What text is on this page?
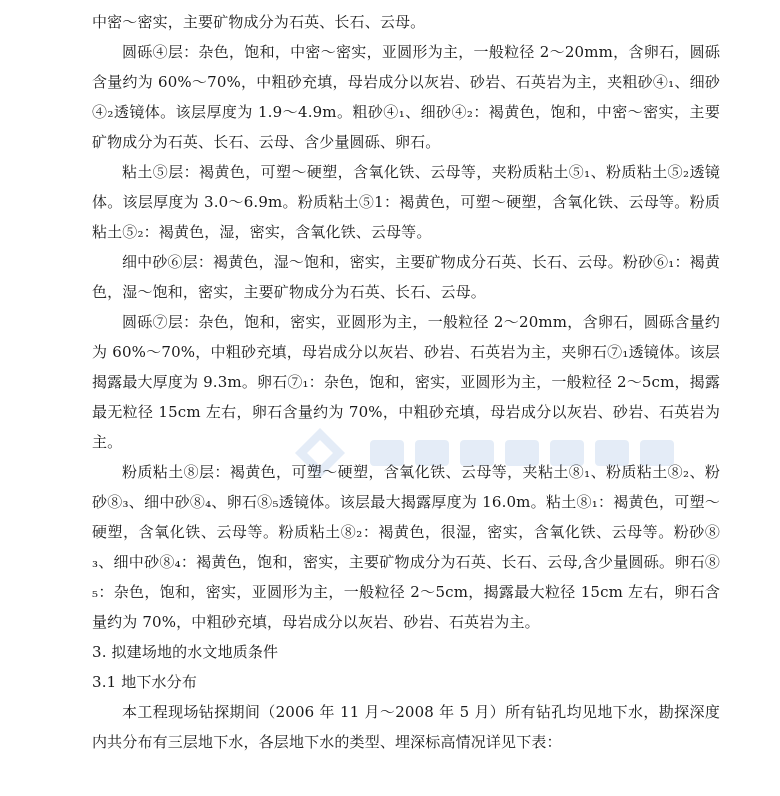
中密～密实，主要矿物成分为石英、长石、云母。

圆砾④层：杂色，饱和，中密～密实，亚圆形为主，一般粒径 2～20mm，含卵石，圆砾含量约为 60%～70%，中粗砂充填，母岩成分以灰岩、砂岩、石英岩为主，夹粗砂④₁、细砂④₂透镜体。该层厚度为 1.9～4.9m。粗砂④₁、细砂④₂：褐黄色，饱和，中密～密实，主要矿物成分为石英、长石、云母、含少量圆砾、卵石。

粘土⑤层：褐黄色，可塑～硬塑，含氧化铁、云母等，夹粉质粘土⑤₁、粉质粘土⑤₂透镜体。该层厚度为 3.0～6.9m。粉质粘土⑤1：褐黄色，可塑～硬塑，含氧化铁、云母等。粉质粘土⑤₂：褐黄色，湿，密实，含氧化铁、云母等。

细中砂⑥层：褐黄色，湿～饱和，密实，主要矿物成分石英、长石、云母。粉砂⑥₁：褐黄色，湿～饱和，密实，主要矿物成分为石英、长石、云母。

圆砾⑦层：杂色，饱和，密实，亚圆形为主，一般粒径 2～20mm，含卵石，圆砾含量约为 60%～70%，中粗砂充填，母岩成分以灰岩、砂岩、石英岩为主，夹卵石⑦₁透镜体。该层揭露最大厚度为 9.3m。卵石⑦₁：杂色，饱和，密实，亚圆形为主，一般粒径 2～5cm，揭露最无粒径 15cm 左右，卵石含量约为 70%，中粗砂充填，母岩成分以灰岩、砂岩、石英岩为主。

粉质粘土⑧层：褐黄色，可塑～硬塑，含氧化铁、云母等，夹粘土⑧₁、粉质粘土⑧₂、粉砂⑧₃、细中砂⑧₄、卵石⑧₅透镜体。该层最大揭露厚度为 16.0m。粘土⑧₁：褐黄色，可塑～硬塑，含氧化铁、云母等。粉质粘土⑧₂：褐黄色，很湿，密实，含氧化铁、云母等。粉砂⑧₃、细中砂⑧₄：褐黄色，饱和，密实，主要矿物成分为石英、长石、云母,含少量圆砾。卵石⑧₅：杂色，饱和，密实，亚圆形为主，一般粒径 2～5cm，揭露最大粒径 15cm 左右，卵石含量约为 70%，中粗砂充填，母岩成分以灰岩、砂岩、石英岩为主。

3. 拟建场地的水文地质条件

3.1 地下水分布

本工程现场钻探期间（2006 年 11 月～2008 年 5 月）所有钻孔均见地下水，勘探深度内共分布有三层地下水，各层地下水的类型、埋深标高情况详见下表：
